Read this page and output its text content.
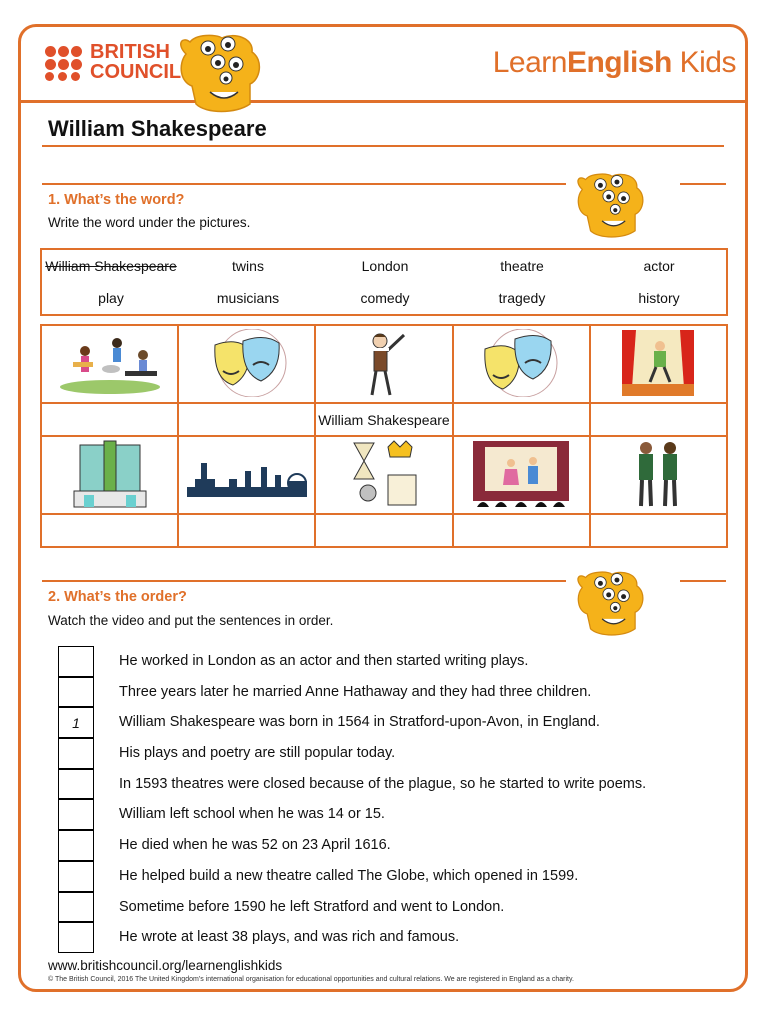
BRITISH
COUNCIL	LearnEnglish Kids
William Shakespeare
1. What’s the word?
Write the word under the pictures.
William Shakespeare	twins	London	theatre	actor
play	musicians	comedy	tragedy	history

		William Shakespeare		

2. What’s the order?
Watch the video and put the sentences in order.
He worked in London as an actor and then started writing plays.
Three years later he married Anne Hathaway and they had three children.
1	William Shakespeare was born in 1564 in Stratford-upon-Avon, in England.
His plays and poetry are still popular today.
In 1593 theatres were closed because of the plague, so he started to write poems.
William left school when he was 14 or 15.
He died when he was 52 on 23 April 1616.
He helped build a new theatre called The Globe, which opened in 1599.
Sometime before 1590 he left Stratford and went to London.
He wrote at least 38 plays, and was rich and famous.
www.britishcouncil.org/learnenglishkids
© The British Council, 2016 The United Kingdom’s international organisation for educational opportunities and cultural relations. We are registered in England as a charity.
